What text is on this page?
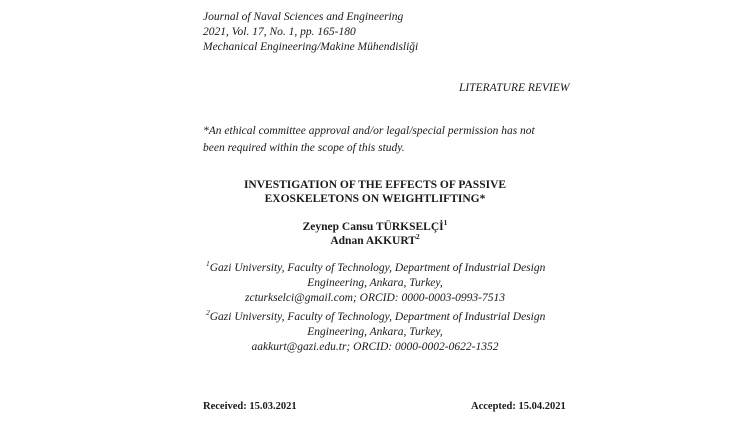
Journal of Naval Sciences and Engineering
2021, Vol. 17, No. 1, pp. 165-180
Mechanical Engineering/Makine Mühendisliği
LITERATURE REVIEW
*An ethical committee approval and/or legal/special permission has not
been required within the scope of this study.
INVESTIGATION OF THE EFFECTS OF PASSIVE
EXOSKELETONS ON WEIGHTLIFTING*
Zeynep Cansu TÜRKSELÇİ$^1$
Adnan AKKURT$^2$
$^1$Gazi University, Faculty of Technology, Department of Industrial Design
Engineering, Ankara, Turkey,
zcturkselci@gmail.com; ORCID: 0000-0003-0993-7513
$^2$Gazi University, Faculty of Technology, Department of Industrial Design
Engineering, Ankara, Turkey,
aakkurt@gazi.edu.tr; ORCID: 0000-0002-0622-1352
Received: 15.03.2021	Accepted: 15.04.2021
